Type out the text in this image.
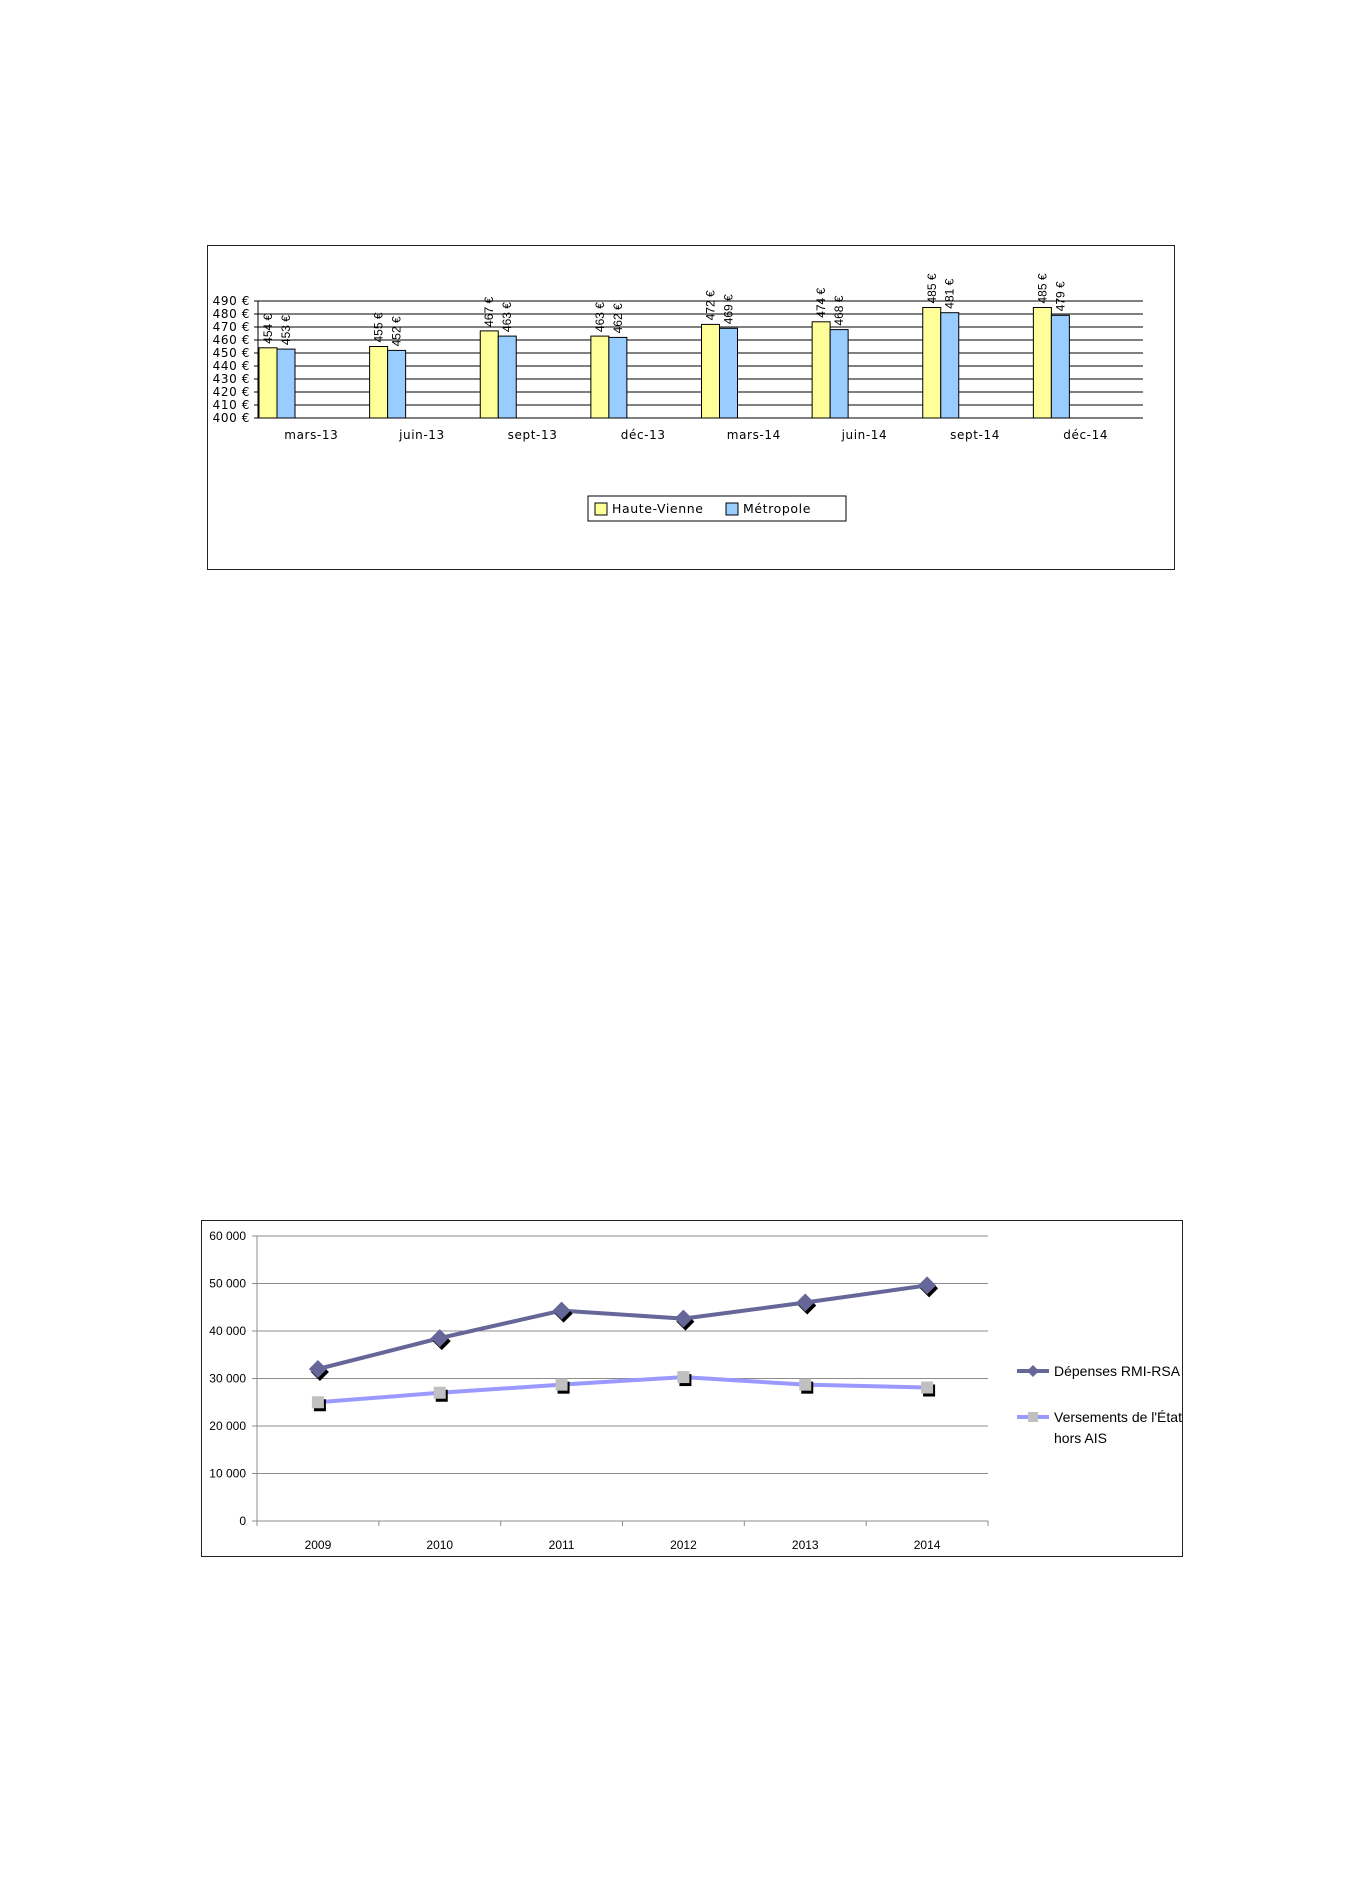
400 €
410 €
420 €
430 €
440 €
450 €
460 €
470 €
480 €
490 €
mars-13
454 € 453 €
juin-13
455 € 452 €
sept-13
467 € 463 €
déc-13
463 € 462 €
mars-14
472 € 469 €
juin-14
474 € 468 €
sept-14
485 € 481 €
déc-14
485 € 479 €
Haute-Vienne	Métropole
0
10 000
20 000
30 000
40 000
50 000
60 000
2009	2010	2011	2012	2013	2014
Dépenses RMI-RSA
Versements de l'État hors AIS
